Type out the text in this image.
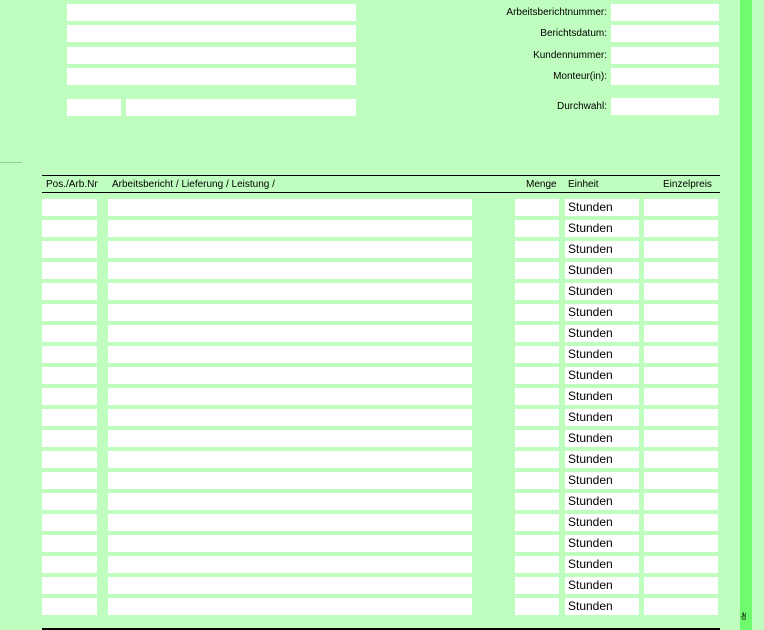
Arbeitsberichtnummer:
Berichtsdatum:
Kundennummer:
Monteur(in):
Durchwahl:
Pos./Arb.Nr Arbeitsbericht / Lieferung / Leistung /	Menge Einheit	Einzelpreis
Stunden
Stunden
Stunden
Stunden
Stunden
Stunden
Stunden
Stunden
Stunden
Stunden
Stunden
Stunden
Stunden
Stunden
Stunden
Stunden
Stunden
Stunden
Stunden
Stunden
de
